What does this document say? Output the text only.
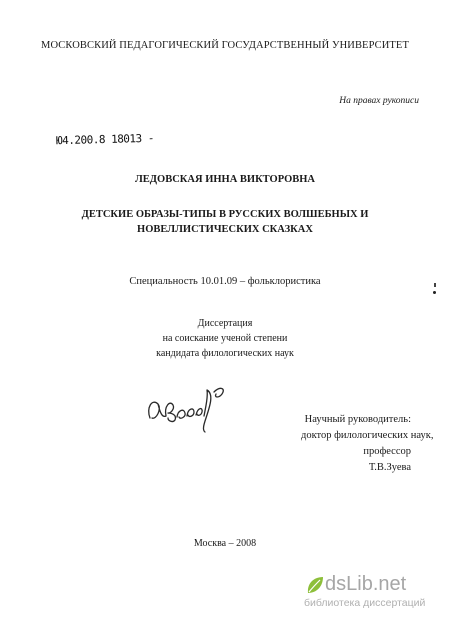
МОСКОВСКИЙ ПЕДАГОГИЧЕСКИЙ ГОСУДАРСТВЕННЫЙ УНИВЕРСИТЕТ
На правах рукописи
Ю4.200.8 18013 -
ЛЕДОВСКАЯ ИННА ВИКТОРОВНА
ДЕТСКИЕ ОБРАЗЫ-ТИПЫ В РУССКИХ ВОЛШЕБНЫХ И
НОВЕЛЛИСТИЧЕСКИХ СКАЗКАХ
Специальность 10.01.09 – фольклористика
Диссертация
на соискание ученой степени
кандидата филологических наук
Научный руководитель:
доктор филологических наук,
профессор
Т.В.Зуева
Москва – 2008
dsLib.net
библиотека диссертаций
